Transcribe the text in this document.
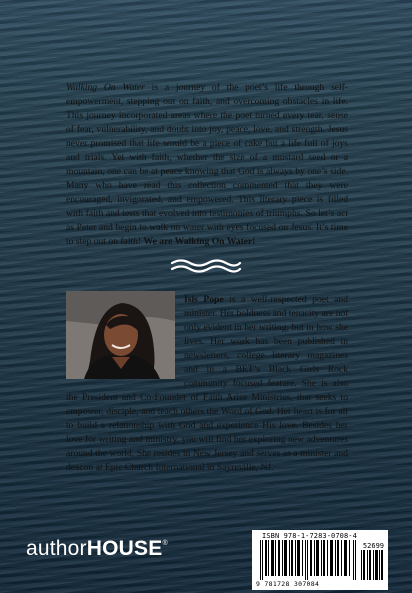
Walking On Water is a journey of the poet’s life through self-empowerment, stepping out on faith, and overcoming obstacles in life. This journey incorporated areas where the poet turned every tear, sense of fear, vulnerability, and doubt into joy, peace, love, and strength. Jesus never promised that life would be a piece of cake but a life full of joys and trials. Yet with faith, whether the size of a mustard seed or a mountain, one can be at peace knowing that God is always by one’s side. Many who have read this collection commented that they were encouraged, invigorated, and empowered. This literary piece is filled with faith and tests that evolved into testimonies of triumphs. So let’s act as Peter and begin to walk on water with eyes focused on Jesus. It’s time to step out on faith! We are Walking On Water!

Isis Pope is a well-respected poet and minister. Her boldness and tenacity are not only evident in her writing, but in how she lives. Her work has been published in newsletters, college literary magazines and in a BET’s Black Girls Rock community focused feature. She is also the President and Co-Founder of Faith Arise Ministries, that seeks to empower, disciple, and teach others the Word of God. Her heart is for all to build a relationship with God and experience His love. Besides her love for writing and ministry, you will find her exploring new adventures around the world. She resides in New Jersey and serves as a minister and deacon at Epic Church International in Sayreville, NJ.
ISBN 978-1-7283-0708-4
52699
9 781728 307084
authorHOUSE®
